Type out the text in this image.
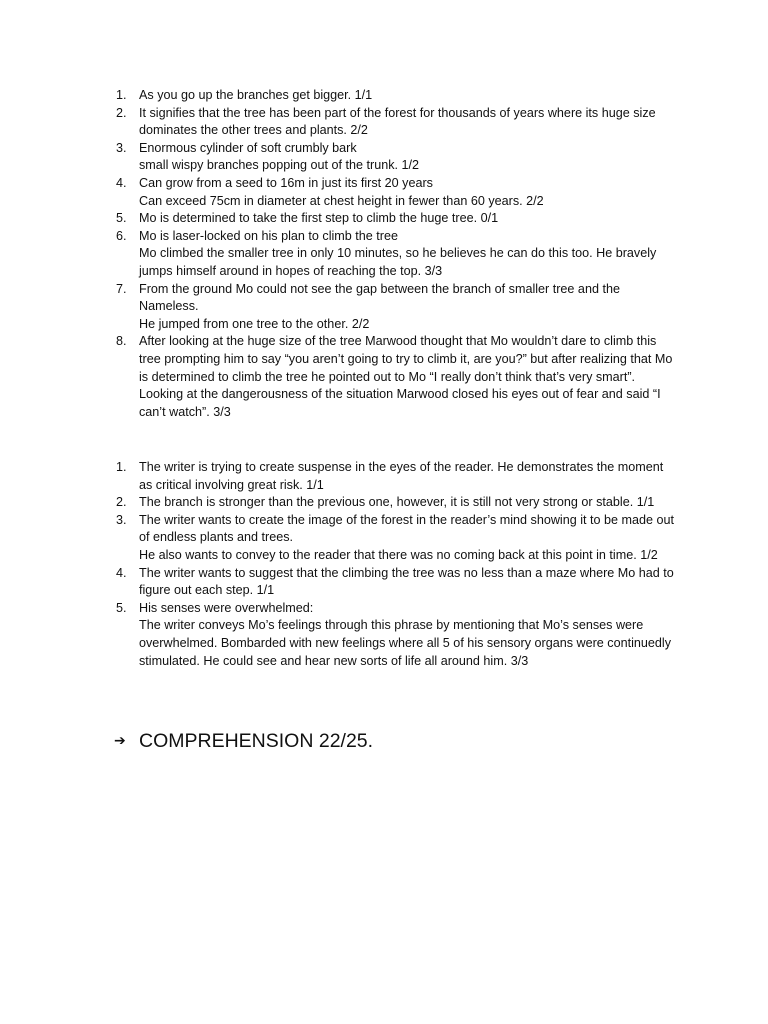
1. As you go up the branches get bigger. 1/1
2. It signifies that the tree has been part of the forest for thousands of years where its huge size dominates the other trees and plants. 2/2
3. Enormous cylinder of soft crumbly bark
small wispy branches popping out of the trunk. 1/2
4. Can grow from a seed to 16m in just its first 20 years
Can exceed 75cm in diameter at chest height in fewer than 60 years. 2/2
5. Mo is determined to take the first step to climb the huge tree. 0/1
6. Mo is laser-locked on his plan to climb the tree
Mo climbed the smaller tree in only 10 minutes, so he believes he can do this too. He bravely jumps himself around in hopes of reaching the top. 3/3
7. From the ground Mo could not see the gap between the branch of smaller tree and the Nameless.
He jumped from one tree to the other. 2/2
8. After looking at the huge size of the tree Marwood thought that Mo wouldn’t dare to climb this tree prompting him to say “you aren’t going to try to climb it, are you?” but after realizing that Mo is determined to climb the tree he pointed out to Mo “I really don’t think that’s very smart”. Looking at the dangerousness of the situation Marwood closed his eyes out of fear and said “I can’t watch”. 3/3
1. The writer is trying to create suspense in the eyes of the reader. He demonstrates the moment as critical involving great risk. 1/1
2. The branch is stronger than the previous one, however, it is still not very strong or stable. 1/1
3. The writer wants to create the image of the forest in the reader’s mind showing it to be made out of endless plants and trees.
He also wants to convey to the reader that there was no coming back at this point in time. 1/2
4. The writer wants to suggest that the climbing the tree was no less than a maze where Mo had to figure out each step. 1/1
5. His senses were overwhelmed:
The writer conveys Mo’s feelings through this phrase by mentioning that Mo’s senses were overwhelmed. Bombarded with new feelings where all 5 of his sensory organs were continuedly stimulated. He could see and hear new sorts of life all around him. 3/3
➔ COMPREHENSION 22/25.
